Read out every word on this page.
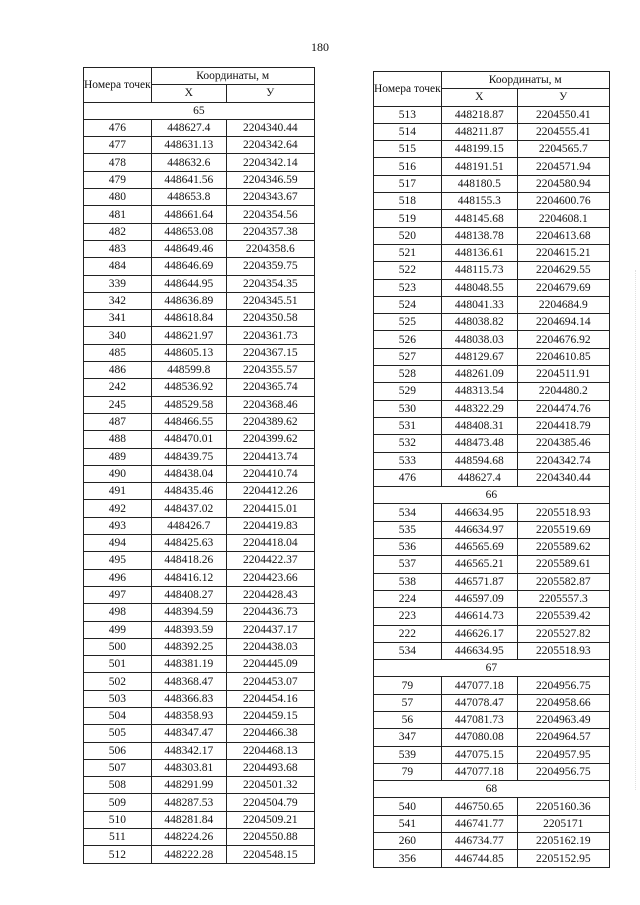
180
Номера точек	Координаты, м	
	X	У
65		
476	448627.4	2204340.44
477	448631.13	2204342.64
478	448632.6	2204342.14
479	448641.56	2204346.59
480	448653.8	2204343.67
481	448661.64	2204354.56
482	448653.08	2204357.38
483	448649.46	2204358.6
484	448646.69	2204359.75
339	448644.95	2204354.35
342	448636.89	2204345.51
341	448618.84	2204350.58
340	448621.97	2204361.73
485	448605.13	2204367.15
486	448599.8	2204355.57
242	448536.92	2204365.74
245	448529.58	2204368.46
487	448466.55	2204389.62
488	448470.01	2204399.62
489	448439.75	2204413.74
490	448438.04	2204410.74
491	448435.46	2204412.26
492	448437.02	2204415.01
493	448426.7	2204419.83
494	448425.63	2204418.04
495	448418.26	2204422.37
496	448416.12	2204423.66
497	448408.27	2204428.43
498	448394.59	2204436.73
499	448393.59	2204437.17
500	448392.25	2204438.03
501	448381.19	2204445.09
502	448368.47	2204453.07
503	448366.83	2204454.16
504	448358.93	2204459.15
505	448347.47	2204466.38
506	448342.17	2204468.13
507	448303.81	2204493.68
508	448291.99	2204501.32
509	448287.53	2204504.79
510	448281.84	2204509.21
511	448224.26	2204550.88
512	448222.28	2204548.15
Номера точек	Координаты, м	
	X	У
513	448218.87	2204550.41
514	448211.87	2204555.41
515	448199.15	2204565.7
516	448191.51	2204571.94
517	448180.5	2204580.94
518	448155.3	2204600.76
519	448145.68	2204608.1
520	448138.78	2204613.68
521	448136.61	2204615.21
522	448115.73	2204629.55
523	448048.55	2204679.69
524	448041.33	2204684.9
525	448038.82	2204694.14
526	448038.03	2204676.92
527	448129.67	2204610.85
528	448261.09	2204511.91
529	448313.54	2204480.2
530	448322.29	2204474.76
531	448408.31	2204418.79
532	448473.48	2204385.46
533	448594.68	2204342.74
476	448627.4	2204340.44
66		
534	446634.95	2205518.93
535	446634.97	2205519.69
536	446565.69	2205589.62
537	446565.21	2205589.61
538	446571.87	2205582.87
224	446597.09	2205557.3
223	446614.73	2205539.42
222	446626.17	2205527.82
534	446634.95	2205518.93
67		
79	447077.18	2204956.75
57	447078.47	2204958.66
56	447081.73	2204963.49
347	447080.08	2204964.57
539	447075.15	2204957.95
79	447077.18	2204956.75
68		
540	446750.65	2205160.36
541	446741.77	2205171
260	446734.77	2205162.19
356	446744.85	2205152.95
